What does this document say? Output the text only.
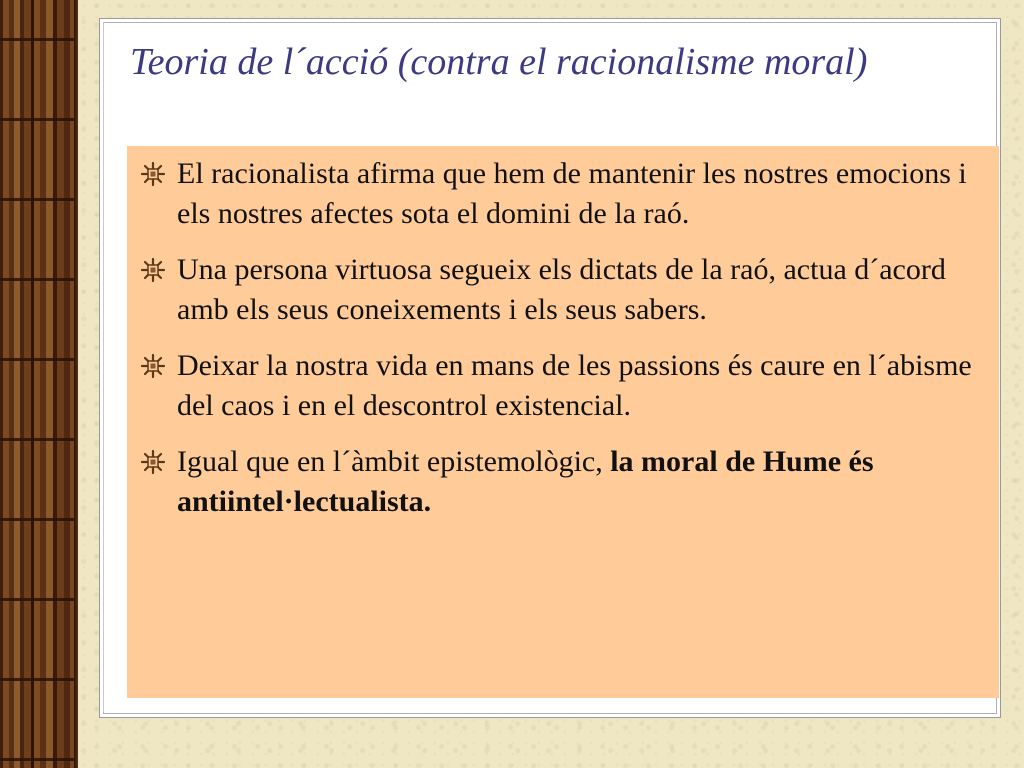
Teoria de l´acció (contra el racionalisme moral)
El racionalista afirma que hem de mantenir les nostres emocions i els nostres afectes sota el domini de la raó.
Una persona virtuosa segueix els dictats de la raó, actua d´acord amb els seus coneixements i els seus sabers.
Deixar la nostra vida en mans de les passions és caure en l´abisme del caos i en el descontrol existencial.
Igual que en l´àmbit epistemològic, la moral de Hume és antiintel·lectualista.
